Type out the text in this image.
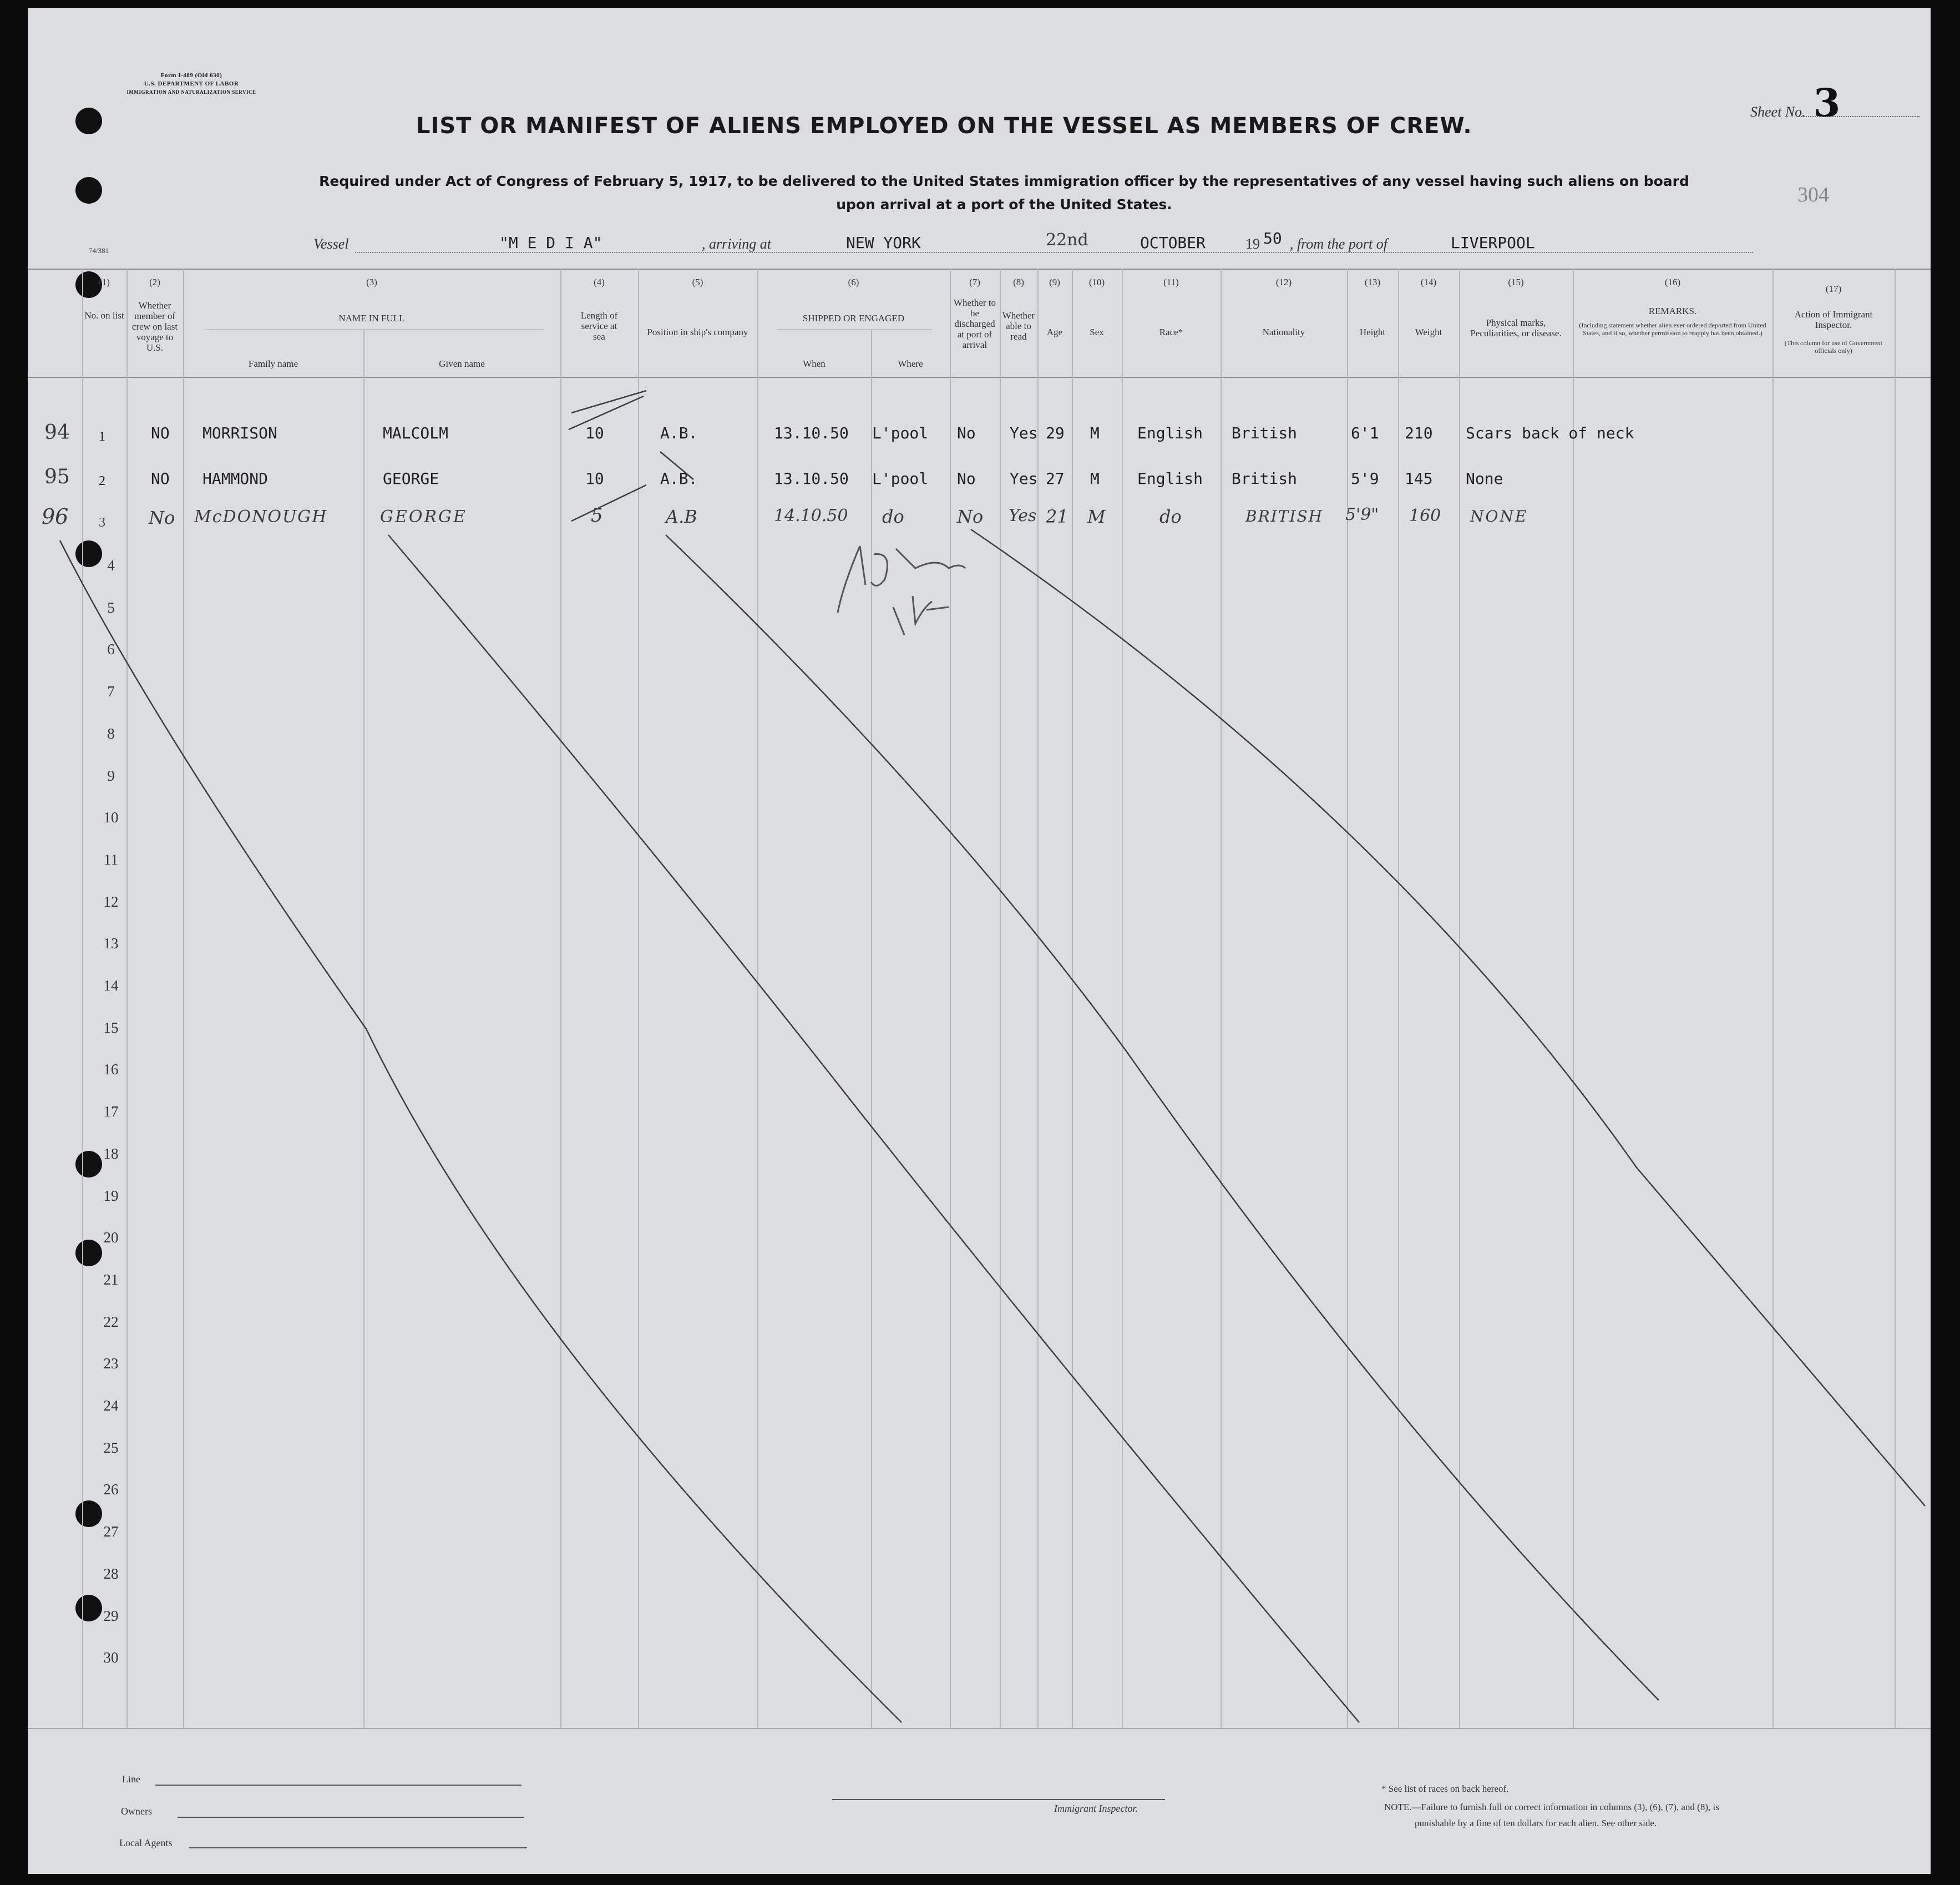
Form I-489 (Old 630)
U.S. DEPARTMENT OF LABOR
IMMIGRATION AND NATURALIZATION SERVICE
74/381
Sheet No. 3
304
LIST OR MANIFEST OF ALIENS EMPLOYED ON THE VESSEL AS MEMBERS OF CREW.
Required under Act of Congress of February 5, 1917, to be delivered to the United States immigration officer by the representatives of any vessel having such aliens on board
upon arrival at a port of the United States.
Vessel	"M E D I A"	, arriving at	NEW YORK	22nd	OCTOBER	19 50 , from the port of	LIVERPOOL
(1)
No. on list
(2)
Whether member of crew on last voyage to U.S.
(3)
NAME IN FULL
Family name	Given name
(4)
Length of service at sea
(5)
Position in ship's company
(6)
SHIPPED OR ENGAGED
When	Where
(7)
Whether to be discharged at port of arrival
(8)
Whether able to read
(9)
Age
(10)
Sex
(11)
Race*
(12)
Nationality
(13)
Height
(14)
Weight
(15)
Physical marks, Peculiarities, or disease.
(16)
REMARKS.
(Including statement whether alien ever ordered deported from United States, and if so, whether permission to reapply has been obtained.)
(17)
Action of Immigrant Inspector.
(This column for use of Government officials only)
94 1	NO MORRISON	MALCOLM	10	A.B.	13.10.50 L'pool No Yes 29 M English British	6'1 210 Scars back of neck
95 2	NO HAMMOND	GEORGE	10	A.B.	13.10.50 L'pool No Yes 27 M English British	5'9 145 None
96 3 No McDONOUGH	GEORGE	5	A.B	14.10.50 do	No Yes 21 M	do	BRITISH 5'9" 160 NONE
4
5
6
7
8
9
10
11
12
13
14
15
16
17
18
19
20
21
22
23
24
25
26
27
28
29
30
Line
Owners
Local Agents
Immigrant Inspector.
* See list of races on back hereof.
NOTE.—Failure to furnish full or correct information in columns (3), (6), (7), and (8), is
punishable by a fine of ten dollars for each alien. See other side.
